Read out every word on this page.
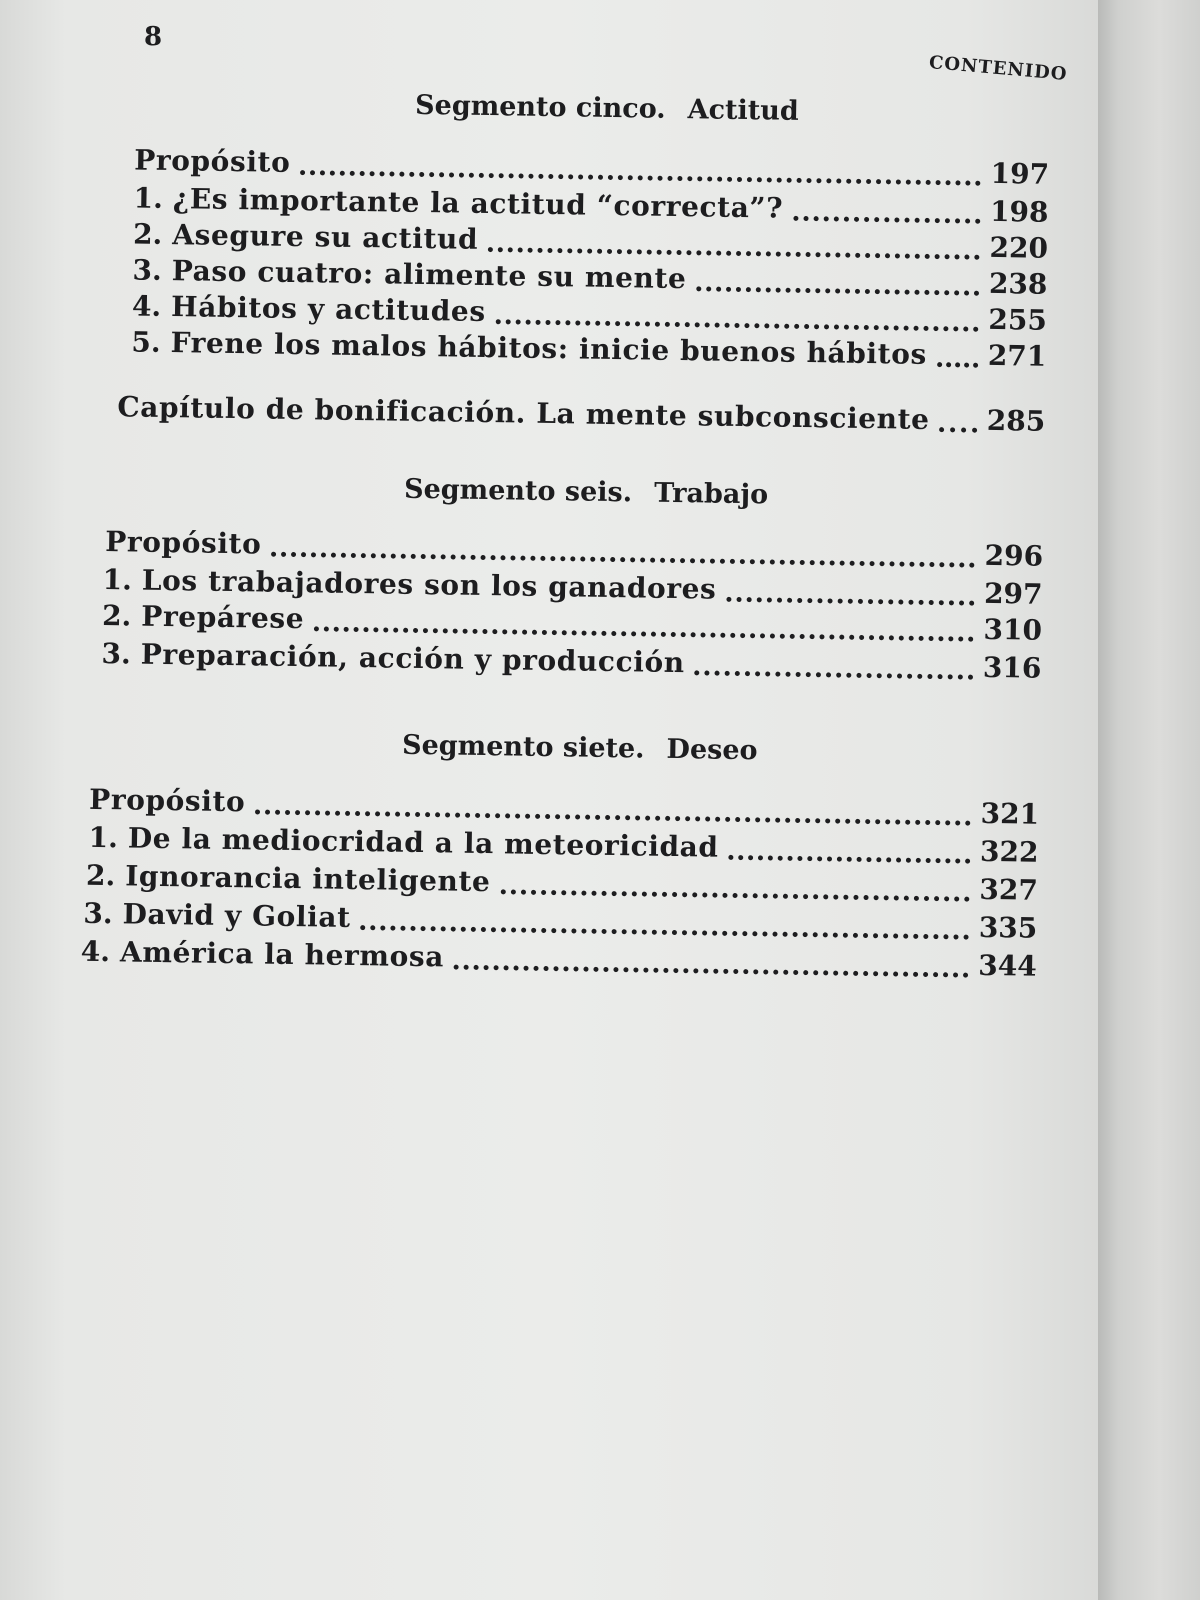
8
CONTENIDO
Segmento cinco. Actitud
Propósito	197
1. ¿Es importante la actitud “correcta”?	198
2. Asegure su actitud	220
3. Paso cuatro: alimente su mente	238
4. Hábitos y actitudes	255
5. Frene los malos hábitos: inicie buenos hábitos 271
Capítulo de bonificación. La mente subconsciente 285
Segmento seis. Trabajo
Propósito	296
1. Los trabajadores son los ganadores	297
2. Prepárese	310
3. Preparación, acción y producción	316
Segmento siete. Deseo
Propósito	321
1. De la mediocridad a la meteoricidad	322
2. Ignorancia inteligente	327
3. David y Goliat	335
4. América la hermosa	344
